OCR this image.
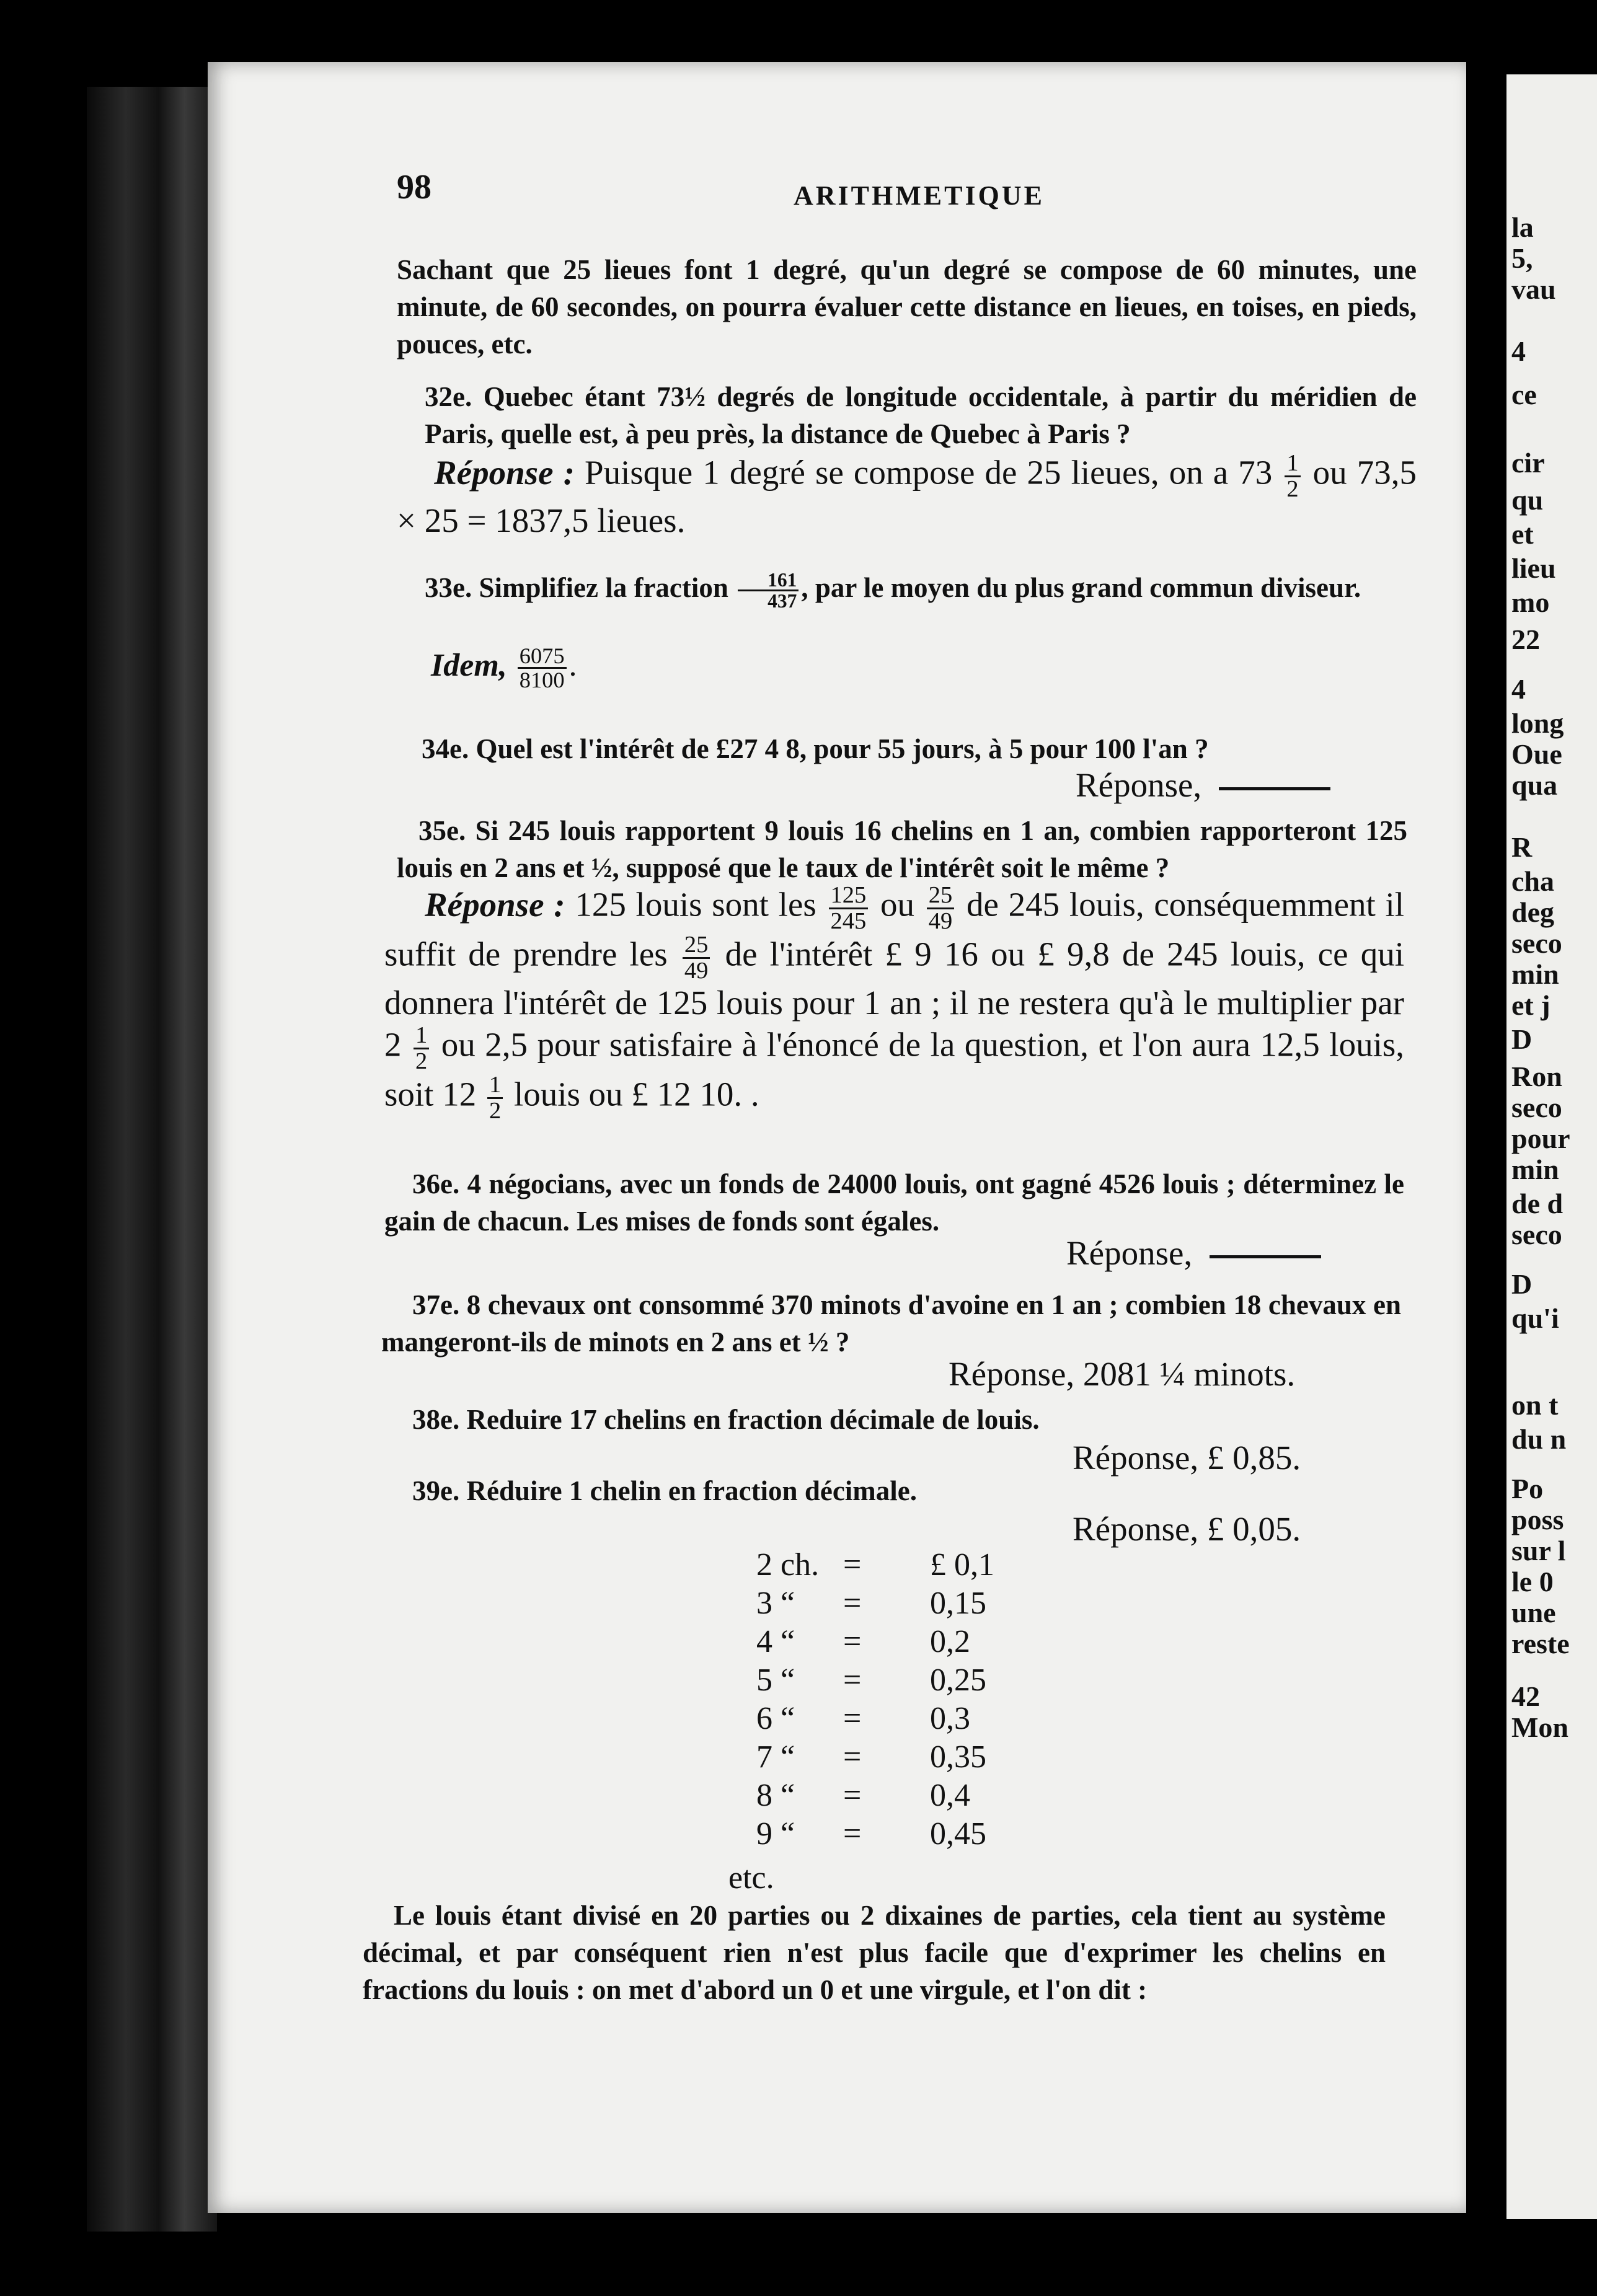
la
5,
vau
4
ce
cir
qu
et
lieu
mo
22
4
long
Oue
qua
R
cha
deg
seco
min
et j
D
Ron
seco
pour
min
de d
seco
D
qu'i
on t
du n
Po
poss
sur l
le 0
une
reste
42
Mon
98	ARITHMETIQUE

Sachant que 25 lieues font 1 degré, qu'un degré se compose de 60 minutes, une minute, de 60 secondes, on pourra évaluer cette distance en lieues, en toises, en pieds, pouces, etc.

32e. Quebec étant 73½ degrés de longitude occidentale, à partir du méridien de Paris, quelle est, à peu près, la distance de Quebec à Paris ?

Réponse : Puisque 1 degré se compose de 25 lieues, on a $73 \frac{1}{2}$ ou 73,5 × 25 = 1837,5 lieues.

33e. Simplifiez la fraction $\frac{161}{437}$ , par le moyen du plus grand commun diviseur.

Idem, $\frac{6075}{8100}$ .

34e. Quel est l'intérêt de £27 4 8, pour 55 jours, à 5 pour 100 l'an ?

Réponse,

35e. Si 245 louis rapportent 9 louis 16 chelins en 1 an, combien rapporteront 125 louis en 2 ans et ½, supposé que le taux de l'intérêt soit le même ?

Réponse : 125 louis sont les $\frac{125}{245}$ ou $\frac{25}{49}$ de 245 louis, conséquemment il suffit de prendre les $\frac{25}{49}$ de l'intérêt £ 9 16 ou £ 9,8 de 245 louis, ce qui donnera l'intérêt de 125 louis pour 1 an ; il ne restera qu'à le multiplier par $2 \frac{1}{2}$ ou 2,5 pour satisfaire à l'énoncé de la question, et l'on aura 12,5 louis, soit $12 \frac{1}{2}$ louis ou £ 12 10. .

36e. 4 négocians, avec un fonds de 24000 louis, ont gagné 4526 louis ; déterminez le gain de chacun. Les mises de fonds sont égales.

Réponse,

37e. 8 chevaux ont consommé 370 minots d'avoine en 1 an ; combien 18 chevaux en mangeront-ils de minots en 2 ans et ½ ?

Réponse, 2081 ¼ minots.

38e. Reduire 17 chelins en fraction décimale de louis.

Réponse, £ 0,85.

39e. Réduire 1 chelin en fraction décimale.

Réponse, £ 0,05.
2 ch. = £ 0,1
3 “ = 0,15
4 “ = 0,2
5 “ = 0,25
6 “ = 0,3
7 “ = 0,35
8 “ = 0,4
9 “ = 0,45
etc.

Le louis étant divisé en 20 parties ou 2 dixaines de parties, cela tient au système décimal, et par conséquent rien n'est plus facile que d'exprimer les chelins en fractions du louis : on met d'abord un 0 et une virgule, et l'on dit :
